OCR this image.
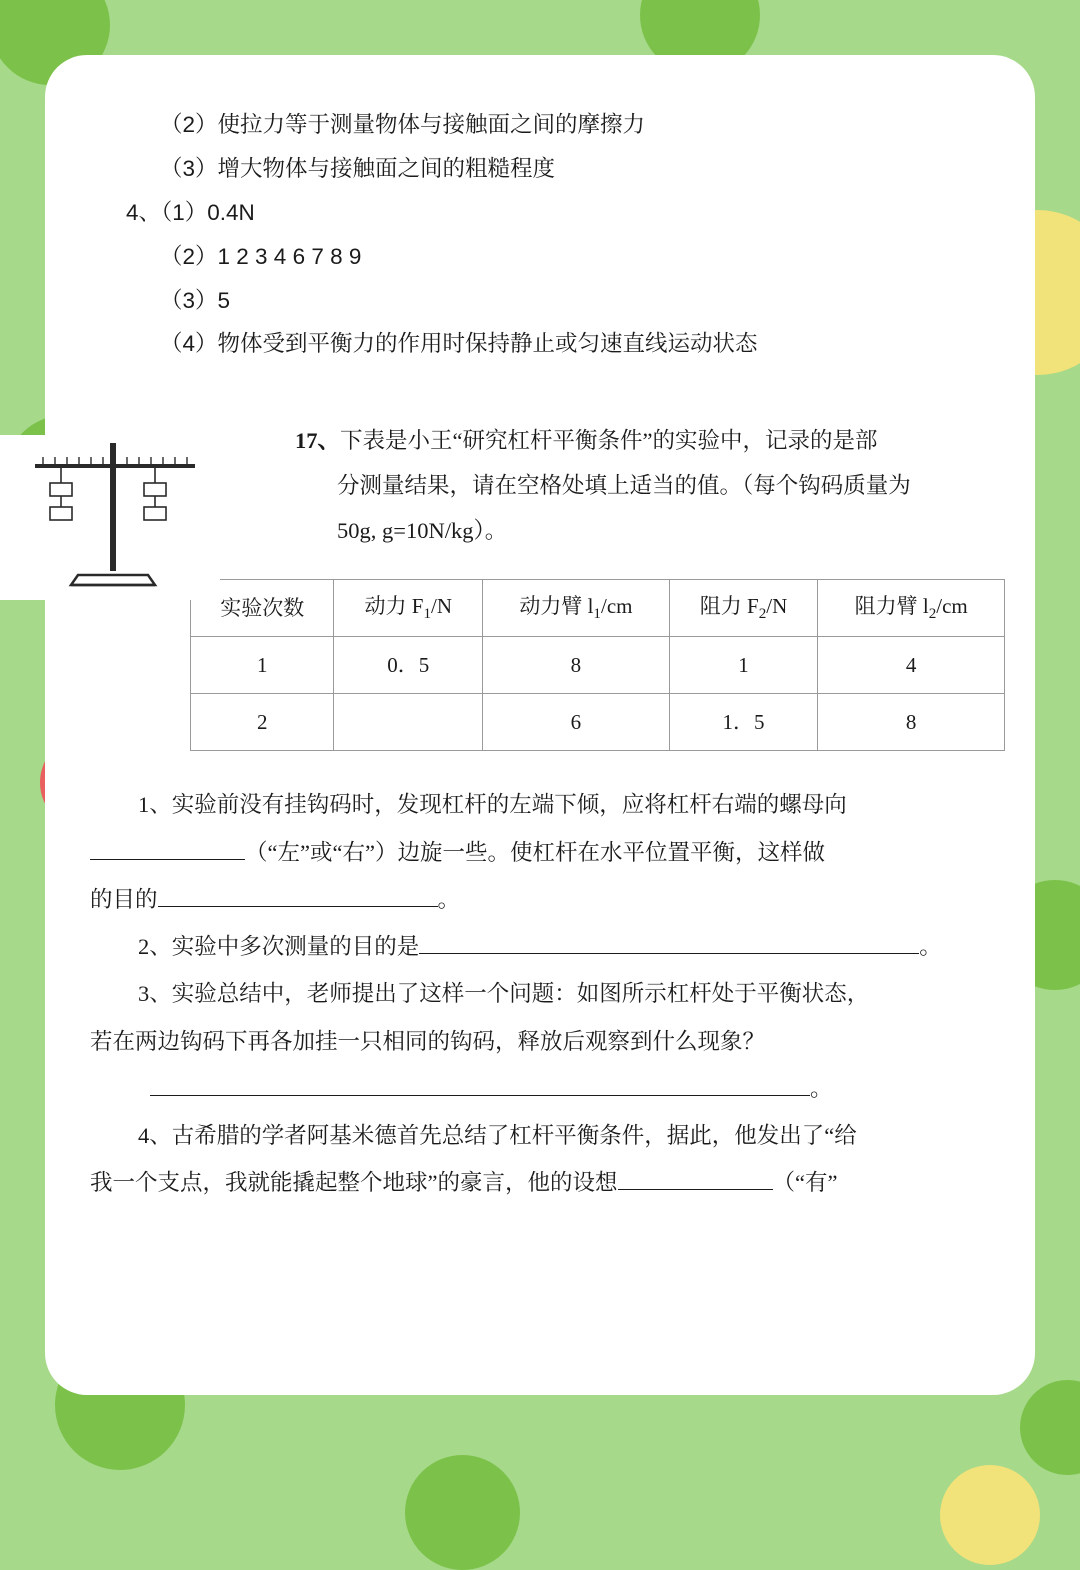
（2）使拉力等于测量物体与接触面之间的摩擦力
（3）增大物体与接触面之间的粗糙程度
4、（1）0.4N
（2）1 2 3 4 6 7 8 9
（3）5
（4）物体受到平衡力的作用时保持静止或匀速直线运动状态
17、下表是小王“研究杠杆平衡条件”的实验中，记录的是部
分测量结果，请在空格处填上适当的值。（每个钩码质量为
50g, g=10N/kg）。
实验次数	动力 $F_1/N$	动力臂 $l_1/cm$	阻力 $F_2/N$	阻力臂 $l_2/cm$
1	0．5	8	1	4
2		6	1．5	8

1、实验前没有挂钩码时，发现杠杆的左端下倾，应将杠杆右端的螺母向

（“左”或“右”）边旋一些。使杠杆在水平位置平衡，这样做

的目的	。

2、实验中多次测量的目的是	。

3、实验总结中，老师提出了这样一个问题：如图所示杠杆处于平衡状态，

若在两边钩码下再各加挂一只相同的钩码，释放后观察到什么现象？

。

4、古希腊的学者阿基米德首先总结了杠杆平衡条件，据此，他发出了“给

我一个支点，我就能撬起整个地球”的豪言，他的设想	（“有”
